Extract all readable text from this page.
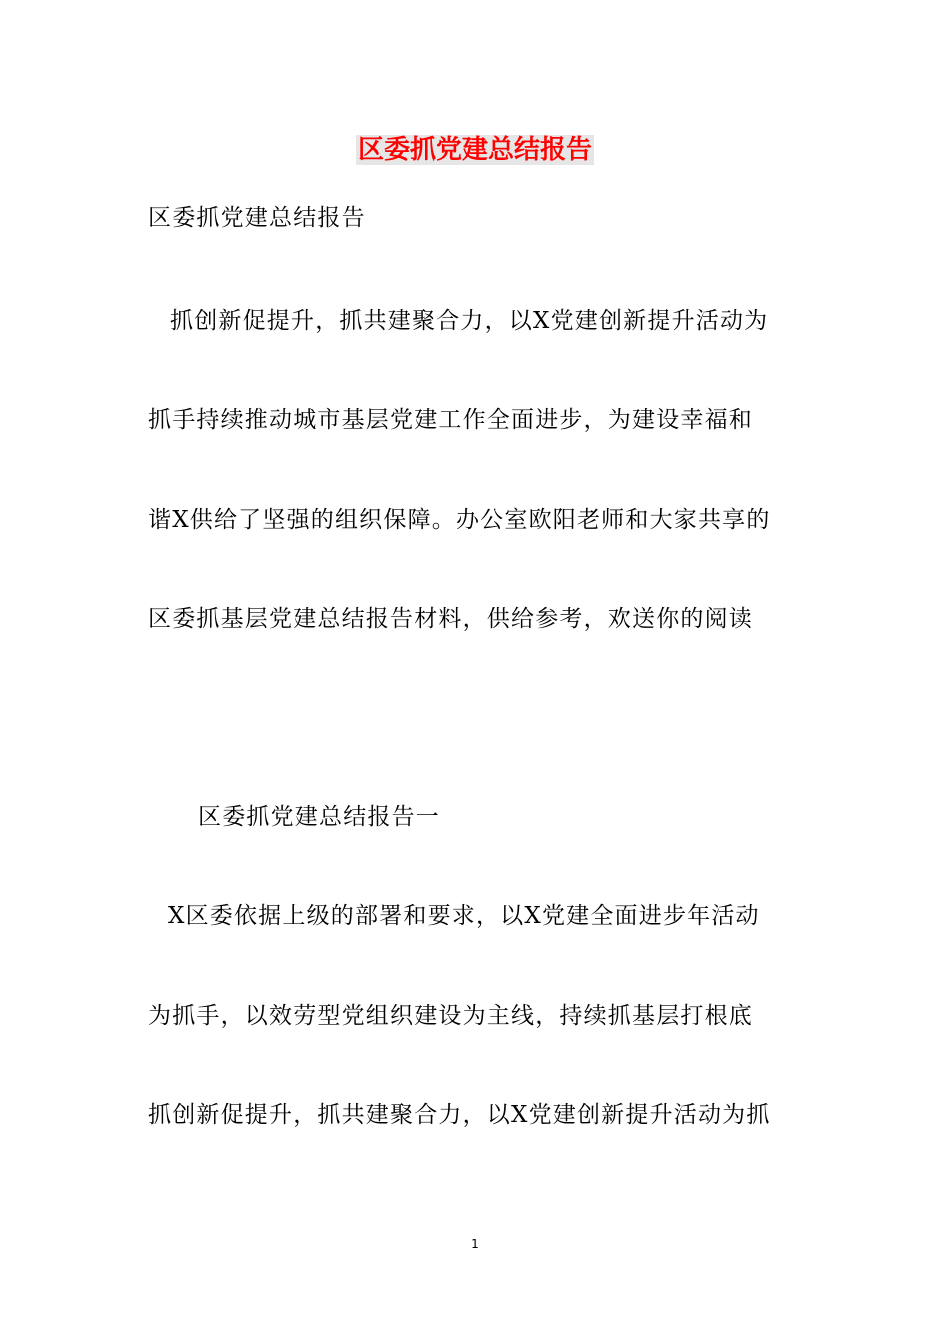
区委抓党建总结报告
区委抓党建总结报告
抓创新促提升，抓共建聚合力，以X党建创新提升活动为
抓手持续推动城市基层党建工作全面进步，为建设幸福和
谐X供给了坚强的组织保障。办公室欧阳老师和大家共享的
区委抓基层党建总结报告材料，供给参考，欢送你的阅读
区委抓党建总结报告一
X区委依据上级的部署和要求，以X党建全面进步年活动
为抓手，以效劳型党组织建设为主线，持续抓基层打根底
抓创新促提升，抓共建聚合力，以X党建创新提升活动为抓
1
